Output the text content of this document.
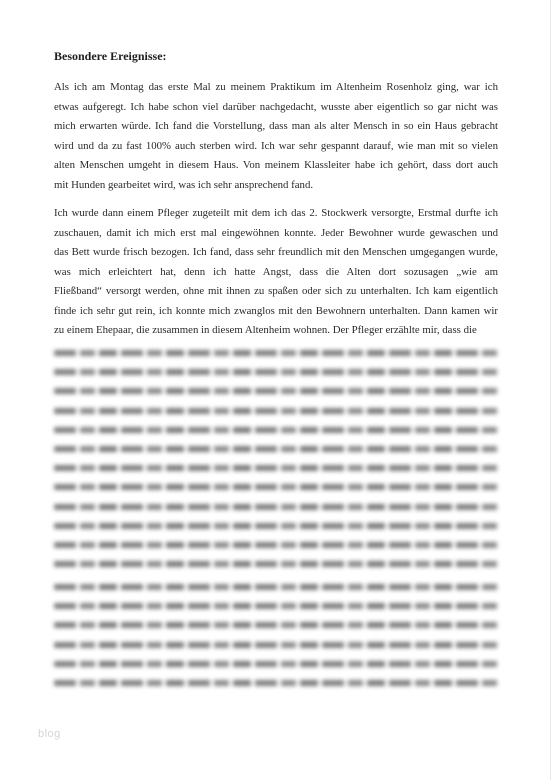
Besondere Ereignisse:
Als ich am Montag das erste Mal zu meinem Praktikum im Altenheim Rosenholz ging, war ich
etwas aufgeregt. Ich habe schon viel darüber nachgedacht, wusste aber eigentlich so gar nicht was
mich erwarten würde. Ich fand die Vorstellung, dass man als alter Mensch in so ein Haus gebracht
wird und da zu fast 100% auch sterben wird. Ich war sehr gespannt darauf, wie man mit so vielen
alten Menschen umgeht in diesem Haus. Von meinem Klassleiter habe ich gehört, dass dort auch
mit Hunden gearbeitet wird, was ich sehr ansprechend fand.
Ich wurde dann einem Pfleger zugeteilt mit dem ich das 2. Stockwerk versorgte, Erstmal durfte ich
zuschauen, damit ich mich erst mal eingewöhnen konnte. Jeder Bewohner wurde gewaschen und
das Bett wurde frisch bezogen. Ich fand, dass sehr freundlich mit den Menschen umgegangen wurde,
was mich erleichtert hat, denn ich hatte Angst, dass die Alten dort sozusagen „wie am
Fließband“ versorgt werden, ohne mit ihnen zu spaßen oder sich zu unterhalten. Ich kam eigentlich
finde ich sehr gut rein, ich konnte mich zwanglos mit den Bewohnern unterhalten. Dann kamen wir
zu einem Ehepaar, die zusammen in diesem Altenheim wohnen. Der Pfleger erzählte mir, dass die
blog
